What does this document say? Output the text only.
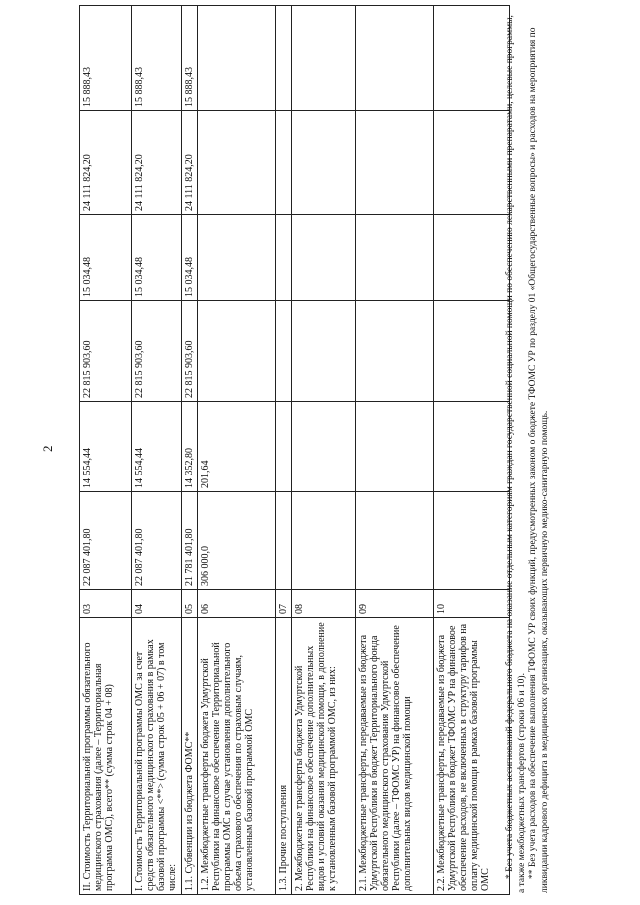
2
II. Стоимость Территориальной программы обязательного медицинского страхования (далее – Территориальная программа ОМС), всего** (сумма строк 04 + 08)	03	22 087 401,80	14 554,44	22 815 903,60	15 034,48	24 111 824,20	15 888,43
I. Стоимость Территориальной программы ОМС за счет средств обязательного медицинского страхования в рамках базовой программы <**> (сумма строк 05 + 06 + 07) в том числе:	04	22 087 401,80	14 554,44	22 815 903,60	15 034,48	24 111 824,20	15 888,43
1.1. Субвенции из бюджета ФОМС**	05	21 781 401,80	14 352,80	22 815 903,60	15 034,48	24 111 824,20	15 888,43
1.2. Межбюджетные трансферты бюджета Удмуртской Республики на финансовое обеспечение Территориальной программы ОМС в случае установления дополнительного объема страхового обеспечения по страховым случаям, установленным базовой программой ОМС	06	306 000,0	201,64				
1.3. Прочие поступления	07						
2. Межбюджетные трансферты бюджета Удмуртской Республики на финансовое обеспечение дополнительных видов и условий оказания медицинской помощи, в дополнение к установленным базовой программой ОМС, из них:	08						
2.1. Межбюджетные трансферты, передаваемые из бюджета Удмуртской Республики в бюджет Территориального фонда обязательного медицинского страхования Удмуртской Республики (далее – ТФОМС УР) на финансовое обеспечение дополнительных видов медицинской помощи	09						
2.2. Межбюджетные трансферты, передаваемые из бюджета Удмуртской Республики в бюджет ТФОМС УР на финансовое обеспечение расходов, не включенных в структуру тарифов на оплату медицинской помощи в рамках базовой программы ОМС	10							* Без учета бюджетных ассигнований федерального бюджета на оказание отдельным категориям граждан государственной социальной помощи по обеспечению лекарственными препаратами, целевые программы, а также межбюджетных трансфертов (строки 06 и 10). ** Без учета расходов на обеспечение выполнения ТФОМС УР своих функций, предусмотренных законом о бюджете ТФОМС УР по разделу 01 «Общегосударственные вопросы» и расходов на мероприятия по ликвидации кадрового дефицита в медицинских организациях, оказывающих первичную медико-санитарную помощь.
